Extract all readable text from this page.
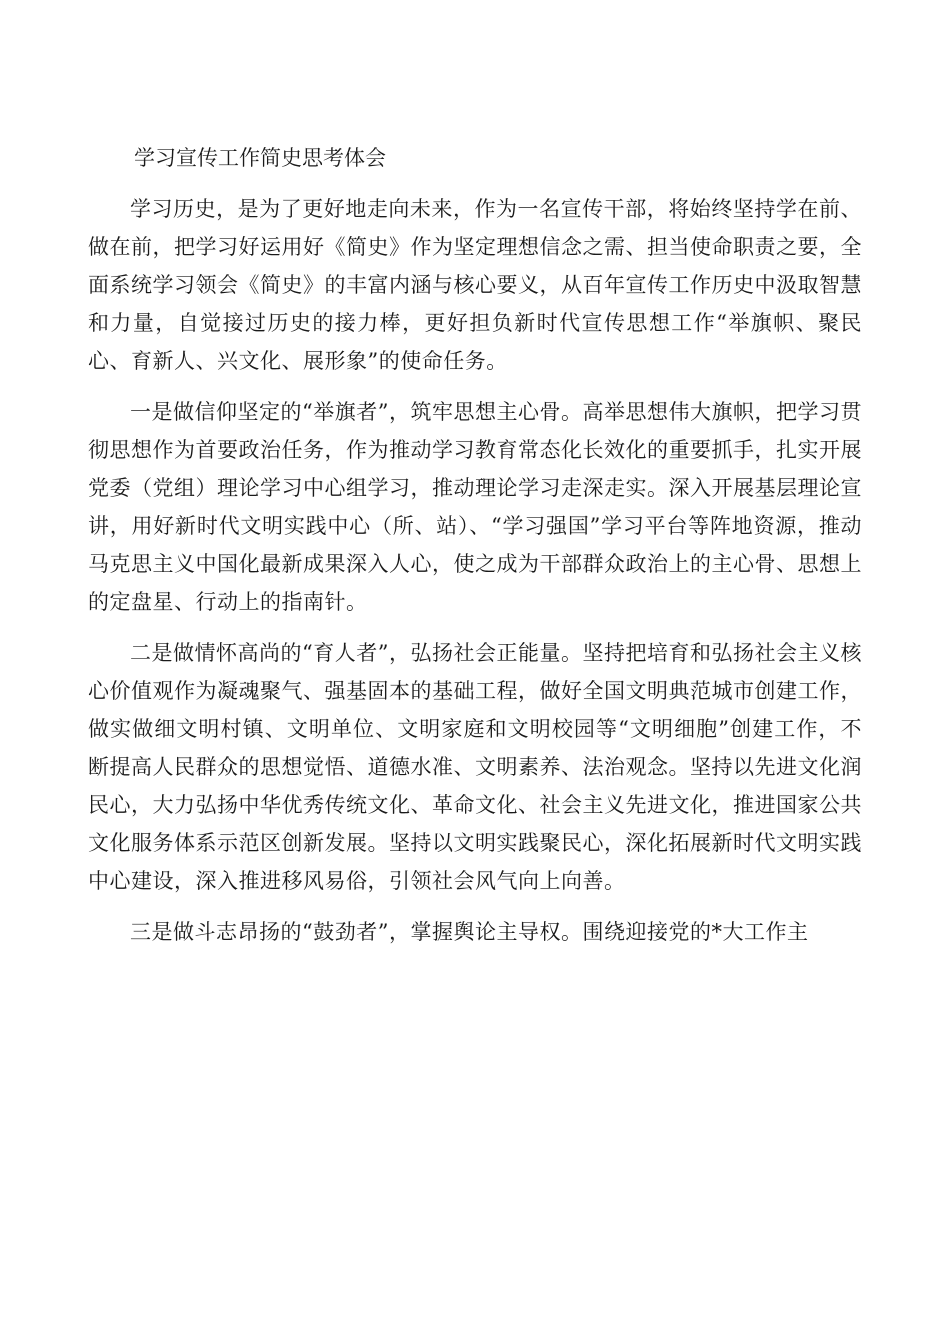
学习宣传工作简史思考体会

学习历史，是为了更好地走向未来，作为一名宣传干部，将始终坚持学在前、做在前，把学习好运用好《简史》作为坚定理想信念之需、担当使命职责之要，全面系统学习领会《简史》的丰富内涵与核心要义，从百年宣传工作历史中汲取智慧和力量，自觉接过历史的接力棒，更好担负新时代宣传思想工作“举旗帜、聚民心、育新人、兴文化、展形象”的使命任务。

一是做信仰坚定的“举旗者”，筑牢思想主心骨。高举思想伟大旗帜，把学习贯彻思想作为首要政治任务，作为推动学习教育常态化长效化的重要抓手，扎实开展党委（党组）理论学习中心组学习，推动理论学习走深走实。深入开展基层理论宣讲，用好新时代文明实践中心（所、站）、“学习强国”学习平台等阵地资源，推动马克思主义中国化最新成果深入人心，使之成为干部群众政治上的主心骨、思想上的定盘星、行动上的指南针。

二是做情怀高尚的“育人者”，弘扬社会正能量。坚持把培育和弘扬社会主义核心价值观作为凝魂聚气、强基固本的基础工程，做好全国文明典范城市创建工作，做实做细文明村镇、文明单位、文明家庭和文明校园等“文明细胞”创建工作，不断提高人民群众的思想觉悟、道德水准、文明素养、法治观念。坚持以先进文化润民心，大力弘扬中华优秀传统文化、革命文化、社会主义先进文化，推进国家公共文化服务体系示范区创新发展。坚持以文明实践聚民心，深化拓展新时代文明实践中心建设，深入推进移风易俗，引领社会风气向上向善。

三是做斗志昂扬的“鼓劲者”，掌握舆论主导权。围绕迎接党的*大工作主
